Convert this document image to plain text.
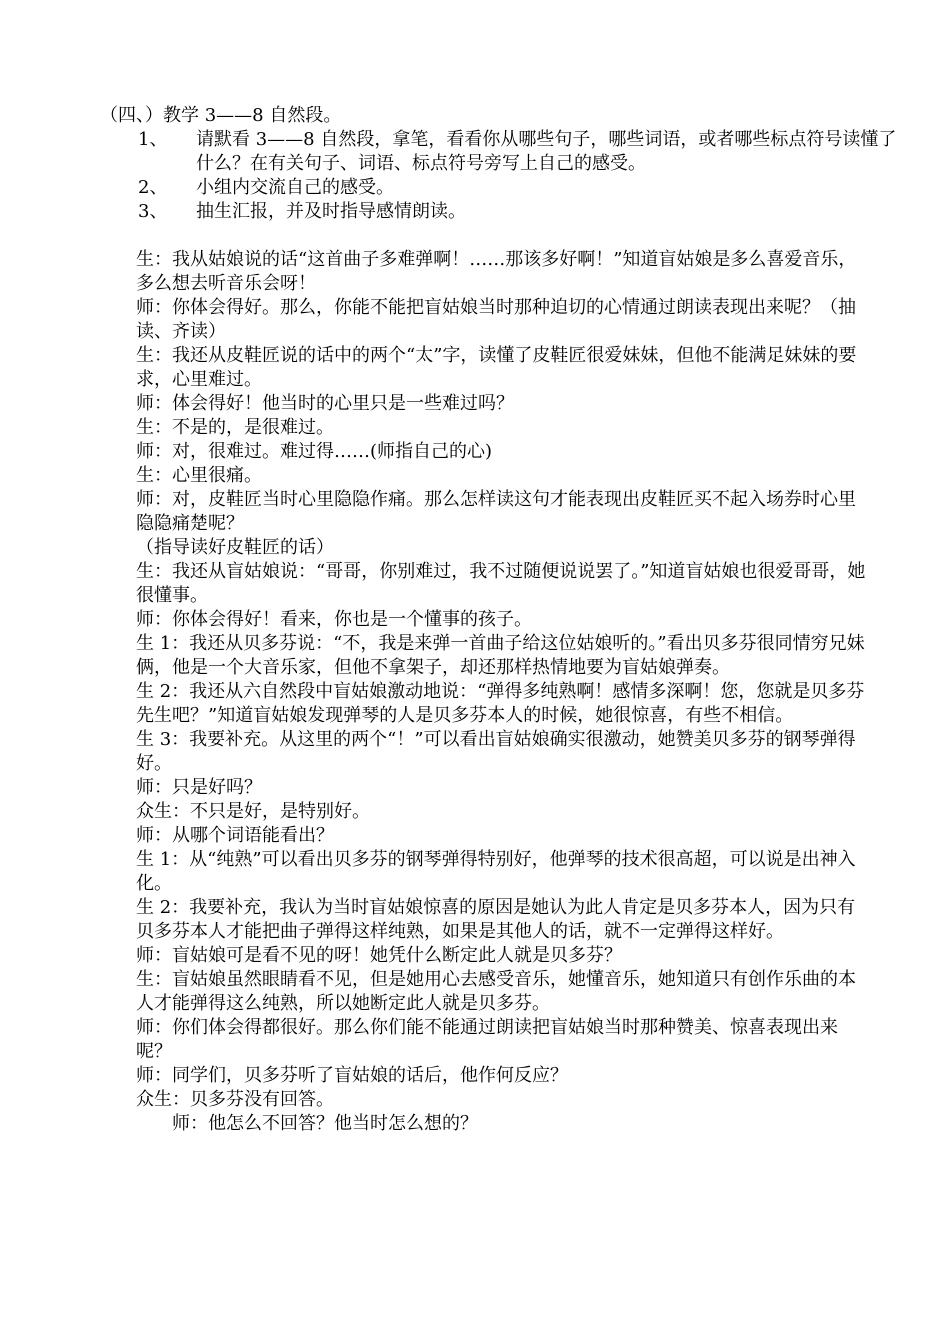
（四、）教学 3——8 自然段。
1、	请默看 3——8 自然段，拿笔，看看你从哪些句子，哪些词语，或者哪些标点符号读懂了什么？在有关句子、词语、标点符号旁写上自己的感受。
2、	小组内交流自己的感受。
3、	抽生汇报，并及时指导感情朗读。

生：我从姑娘说的话“这首曲子多难弹啊！……那该多好啊！”知道盲姑娘是多么喜爱音乐，多么想去听音乐会呀！

师：你体会得好。那么，你能不能把盲姑娘当时那种迫切的心情通过朗读表现出来呢？（抽读、齐读）

生：我还从皮鞋匠说的话中的两个“太”字，读懂了皮鞋匠很爱妹妹，但他不能满足妹妹的要求，心里难过。

师：体会得好！他当时的心里只是一些难过吗？

生：不是的，是很难过。

师：对，很难过。难过得……(师指自己的心)

生：心里很痛。

师：对，皮鞋匠当时心里隐隐作痛。那么怎样读这句才能表现出皮鞋匠买不起入场券时心里隐隐痛楚呢？

（指导读好皮鞋匠的话）

生：我还从盲姑娘说：“哥哥，你别难过，我不过随便说说罢了。”知道盲姑娘也很爱哥哥，她很懂事。

师：你体会得好！看来，你也是一个懂事的孩子。

生 1：我还从贝多芬说：“不，我是来弹一首曲子给这位姑娘听的。”看出贝多芬很同情穷兄妹俩，他是一个大音乐家，但他不拿架子，却还那样热情地要为盲姑娘弹奏。

生 2：我还从六自然段中盲姑娘激动地说：“弹得多纯熟啊！感情多深啊！您，您就是贝多芬先生吧？”知道盲姑娘发现弹琴的人是贝多芬本人的时候，她很惊喜，有些不相信。

生 3：我要补充。从这里的两个“！”可以看出盲姑娘确实很激动，她赞美贝多芬的钢琴弹得好。

师：只是好吗？

众生：不只是好，是特别好。

师：从哪个词语能看出？

生 1：从“纯熟”可以看出贝多芬的钢琴弹得特别好，他弹琴的技术很高超，可以说是出神入化。

生 2：我要补充，我认为当时盲姑娘惊喜的原因是她认为此人肯定是贝多芬本人，因为只有贝多芬本人才能把曲子弹得这样纯熟，如果是其他人的话，就不一定弹得这样好。

师：盲姑娘可是看不见的呀！她凭什么断定此人就是贝多芬？

生：盲姑娘虽然眼睛看不见，但是她用心去感受音乐，她懂音乐，她知道只有创作乐曲的本人才能弹得这么纯熟，所以她断定此人就是贝多芬。

师：你们体会得都很好。那么你们能不能通过朗读把盲姑娘当时那种赞美、惊喜表现出来呢？

师：同学们，贝多芬听了盲姑娘的话后，他作何反应？

众生：贝多芬没有回答。

师：他怎么不回答？他当时怎么想的？
